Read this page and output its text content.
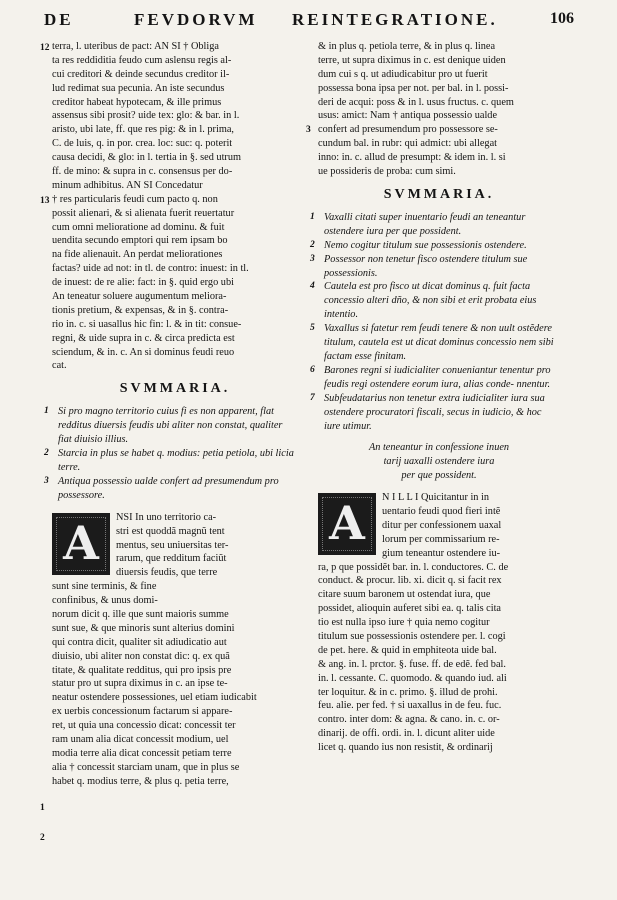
DE	FEVDORVM REINTEGRATIONE.	106
12
13
terra, l. uteribus de pact: AN SI † Obliga
ta res reddiditia feudo cum aslensu regis al-
cui creditori & deinde secundus creditor il-
lud redimat sua pecunia. An iste secundus
creditor habeat hypotecam, & ille primus
assensus sibi prosit? uide tex: glo: & bar. in l.
aristo, ubi late, ff. que res pig: & in l. prima,
C. de luis, q. in por. crea. loc: suc: q. poterit
causa decidi, & glo: in l. tertia in §. sed utrum
ff. de mino: & supra in c. consensus per do-
minum adhibitus. AN SI Concedatur
† res particularis feudi cum pacto q. non
possit alienari, & si alienata fuerit reuertatur
cum omni melioratione ad dominu. & fuit
uendita secundo emptori qui rem ipsam bo
na fide alienauit. An perdat meliorationes
factas? uide ad not: in tl. de contro: inuest: in tl.
de inuest: de re alie: fact: in §. quid ergo ubi
An teneatur soluere augumentum meliora-
tionis pretium, & expensas, & in §. contra-
rio in. c. si uasallus hic fin: l. & in tit: consue-
regni, & uide supra in c. & circa predicta est
sciendum, & in. c. An si dominus feudi reuo
cat.
SVMMARIA.
1 Si pro magno territorio cuius fi es non apparent, flat redditus diuersis feudis ubi aliter non constat, qualiter fiat diuisio illius.
2 Starcia in plus se habet q. modius: petia petiola, ubi licia terre.
3 Antiqua possessio ualde confert ad presumendum pro possessore.
A NSI In uno territorio ca-
stri est quoddã magnũ tent
mentus, seu uniuersitas ter-
rarum, que redditum faciũt
diuersis feudis, que terre
sunt sine terminis, & fine
confinibus, & unus domi-
norum dicit q. ille que sunt maioris summe
sunt sue, & que minoris sunt alterius domini
qui contra dicit, qualiter sit adiudicatio aut
diuisio, ubi aliter non constat dic: q. ex quã
titate, & qualitate redditus, qui pro ipsis pre
statur pro ut supra diximus in c. an ipse te-
neatur ostendere possessiones, uel etiam iudicabit
ex uerbis concessionum factarum si appare-
ret, ut quia una concessio dicat: concessit ter
ram unam alia dicat concessit modium, uel
modia terre alia dicat concessit petiam terre
alia † concessit starciam unam, que in plus se
habet q. modius terre, & plus q. petia terre,
1
2
3
& in plus q. petiola terre, & in plus q. linea
terre, ut supra diximus in c. est denique uiden
dum cui s q. ut adiudicabitur pro ut fuerit
possessa bona ipsa per not. per bal. in l. possi-
deri de acqui: poss & in l. usus fructus. c. quem
usus: amict: Nam † antiqua possessio ualde
confert ad presumendum pro possessore se-
cundum bal. in rubr: qui admict: ubi allegat
inno: in. c. allud de presumpt: & idem in. l. si
ue possideris de proba: cum simi.
SVMMARIA.
1 Vaxalli citati super inuentario feudi an teneantur ostendere iura per que possident.
2 Nemo cogitur titulum sue possessionis ostendere.
3 Possessor non tenetur fisco ostendere titulum sue possessionis.
4 Cautela est pro fisco ut dicat dominus q. fuit facta concessio alteri dño, & non sibi et erit probata eius intentio.
5 Vaxallus si fatetur rem feudi tenere & non uult ostẽdere titulum, cautela est ut dicat dominus concessio nem sibi factam esse finitam.
6 Barones regni si iudicialiter conueniantur tenentur pro feudis regi ostendere eorum iura, alias conde- nnentur.
7 Subfeudatarius non tenetur extra iudicialiter iura sua ostendere procuratori fiscali, secus in iudicio, & hoc iure utimur.
An teneantur in confessione inuen
tarij uaxalli ostendere iura
per que possident.
A N I L L I Quicitantur in in
uentario feudi quod fieri intẽ
ditur per confessionem uaxal
lorum per commissarium re-
gium teneantur ostendere iu-
ra, p que possidẽt bar. in. l. conductores. C. de
conduct. & procur. lib. xi. dicit q. si facit rex
citare suum baronem ut ostendat iura, que
possidet, alioquin auferet sibi ea. q. talis cita
tio est nulla ipso iure † quia nemo cogitur
titulum sue possessionis ostendere per. l. cogi
de pet. here. & quid in emphiteota uide bal.
& ang. in. l. prctor. §. fuse. ff. de edẽ. fed bal.
in. l. cessante. C. quomodo. & quando iud. ali
ter loquitur. & in c. primo. §. illud de prohi.
feu. alie. per fed. † si uaxallus in de feu. fuc.
contro. inter dom: & agna. & cano. in. c. or-
dinarij. de offi. ordi. in. l. dicunt aliter uide
licet q. quando ius non resistit, & ordinarij
